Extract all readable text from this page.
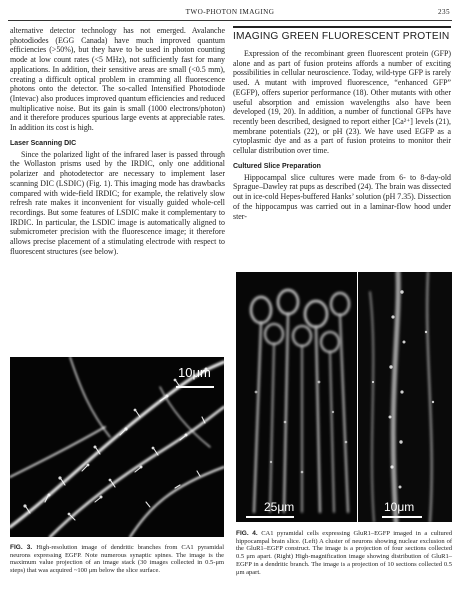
TWO-PHOTON IMAGING	235

alternative detector technology has not emerged. Avalanche photodiodes (EGG Canada) have much improved quantum efficiencies (>50%), but they have to be used in photon counting mode at low count rates (<5 MHz), not sufficiently fast for many applications. In addition, their sensitive areas are small (<0.5 mm), creating a difficult optical problem in cramming all fluorescence photons onto the detector. The so-called Intensified Photodiode (Intevac) also produces improved quantum efficiencies and reduced multiplicative noise. But its gain is small (1000 electrons/photon) and it therefore produces spurious large events at appreciable rates. In addition its cost is high.

Laser Scanning DIC

Since the polarized light of the infrared laser is passed through the Wollaston prisms used by the IRDIC, only one additional polarizer and photodetector are necessary to implement laser scanning DIC (LSDIC) (Fig. 1). This imaging mode has drawbacks compared with wide-field IRDIC; for example, the relatively slow refresh rate makes it inconvenient for visually guided whole-cell recordings. But some features of LSDIC make it complementary to IRDIC. In particular, the LSDIC image is automatically aligned to submicrometer precision with the fluorescence image; it therefore allows precise placement of a stimulating electrode with respect to fluorescent structures (see below).

IMAGING GREEN FLUORESCENT PROTEIN

Expression of the recombinant green fluorescent protein (GFP) alone and as part of fusion proteins affords a number of exciting possibilities in cellular neuroscience. Today, wild-type GFP is rarely used. A mutant with improved fluorescence, “enhanced GFP” (EGFP), offers superior performance (18). Other mutants with other useful absorption and emission wavelengths also have been developed (19, 20). In addition, a number of functional GFPs have recently been described, designed to report either [Ca²⁺] levels (21), membrane potentials (22), or pH (23). We have used EGFP as a cytoplasmic dye and as a part of fusion proteins to monitor their cellular distribution over time.

Cultured Slice Preparation

Hippocampal slice cultures were made from 6- to 8-day-old Sprague–Dawley rat pups as described (24). The brain was dissected out in ice-cold Hepes-buffered Hanks’ solution (pH 7.35). Dissection of the hippocampus was carried out in a laminar-flow hood under ster-

10μm
FIG. 3. High-resolution image of dendritic branches from CA1 pyramidal neurons expressing EGFP. Note numerous synaptic spines. The image is the maximum value projection of an image stack (30 images collected in 0.5-μm steps) that was acquired ~100 μm below the slice surface.
25μm	10μm
FIG. 4. CA1 pyramidal cells expressing GluR1–EGFP imaged in a cultured hippocampal brain slice. (Left) A cluster of neurons showing nuclear exclusion of the GluR1–EGFP construct. The image is a projection of four sections collected 0.5 μm apart. (Right) High-magnification image showing distribution of GluR1–EGFP in a dendritic branch. The image is a projection of 10 sections collected 0.5 μm apart.
